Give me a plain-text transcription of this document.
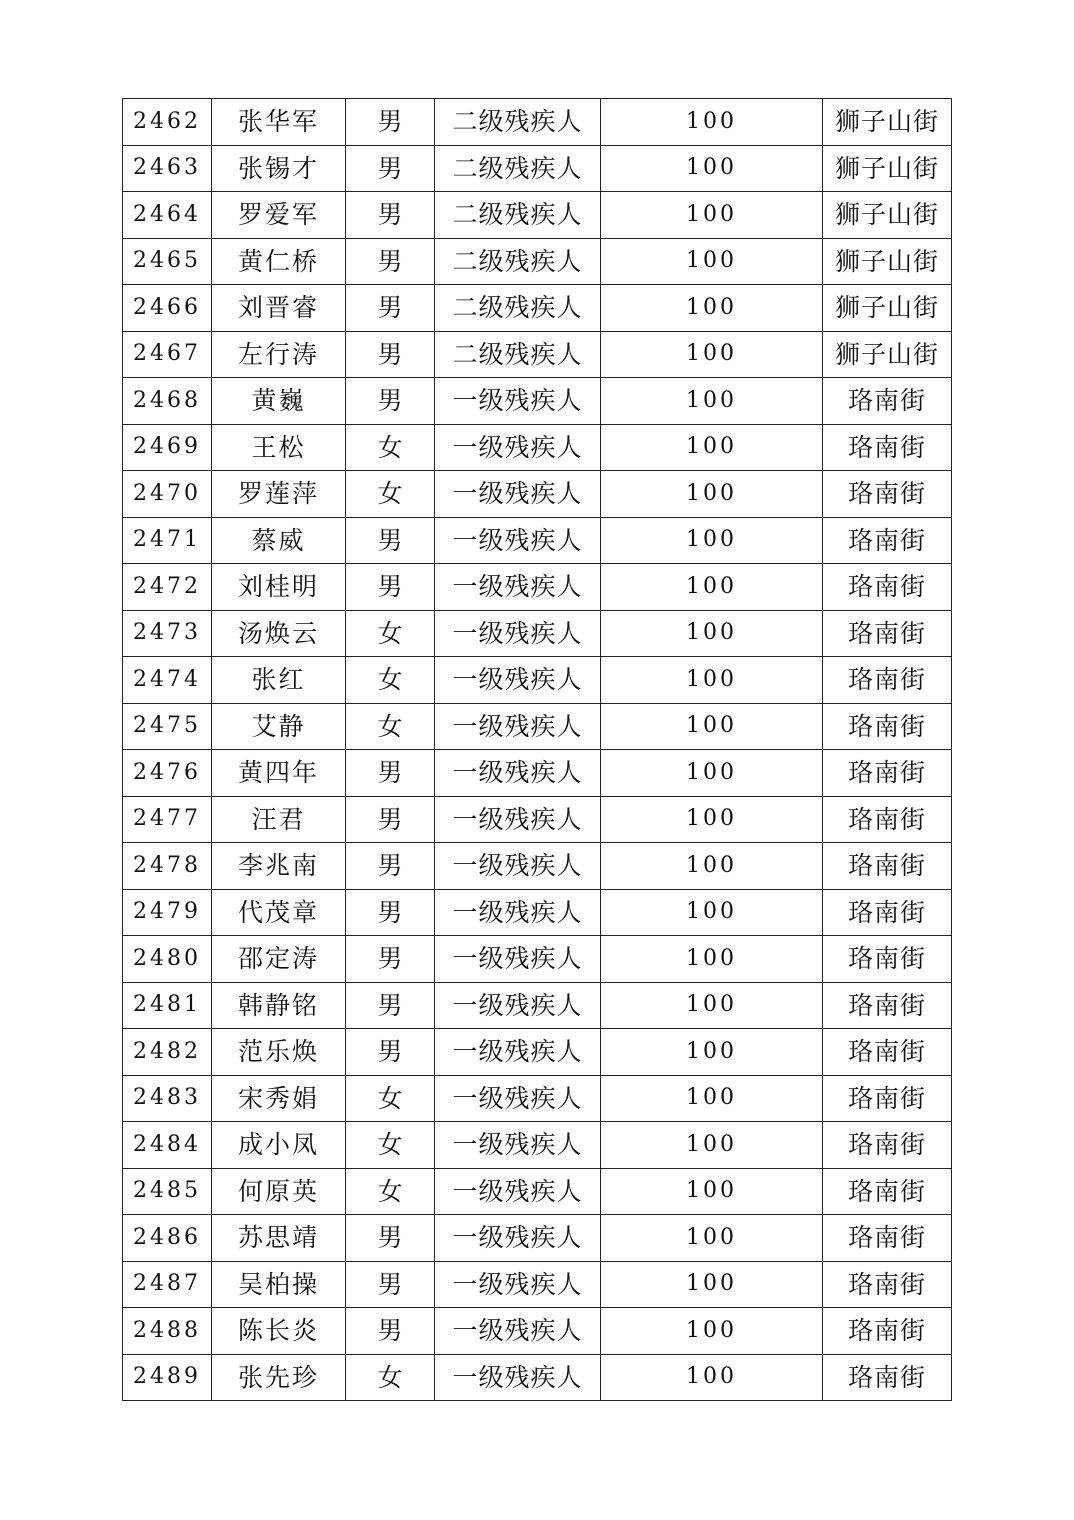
2462	张华军	男	二级残疾人	100	狮子山街
2463	张锡才	男	二级残疾人	100	狮子山街
2464	罗爱军	男	二级残疾人	100	狮子山街
2465	黄仁桥	男	二级残疾人	100	狮子山街
2466	刘晋睿	男	二级残疾人	100	狮子山街
2467	左行涛	男	二级残疾人	100	狮子山街
2468	黄巍	男	一级残疾人	100	珞南街
2469	王松	女	一级残疾人	100	珞南街
2470	罗莲萍	女	一级残疾人	100	珞南街
2471	蔡威	男	一级残疾人	100	珞南街
2472	刘桂明	男	一级残疾人	100	珞南街
2473	汤焕云	女	一级残疾人	100	珞南街
2474	张红	女	一级残疾人	100	珞南街
2475	艾静	女	一级残疾人	100	珞南街
2476	黄四年	男	一级残疾人	100	珞南街
2477	汪君	男	一级残疾人	100	珞南街
2478	李兆南	男	一级残疾人	100	珞南街
2479	代茂章	男	一级残疾人	100	珞南街
2480	邵定涛	男	一级残疾人	100	珞南街
2481	韩静铭	男	一级残疾人	100	珞南街
2482	范乐焕	男	一级残疾人	100	珞南街
2483	宋秀娟	女	一级残疾人	100	珞南街
2484	成小凤	女	一级残疾人	100	珞南街
2485	何原英	女	一级残疾人	100	珞南街
2486	苏思靖	男	一级残疾人	100	珞南街
2487	吴柏操	男	一级残疾人	100	珞南街
2488	陈长炎	男	一级残疾人	100	珞南街
2489	张先珍	女	一级残疾人	100	珞南街
